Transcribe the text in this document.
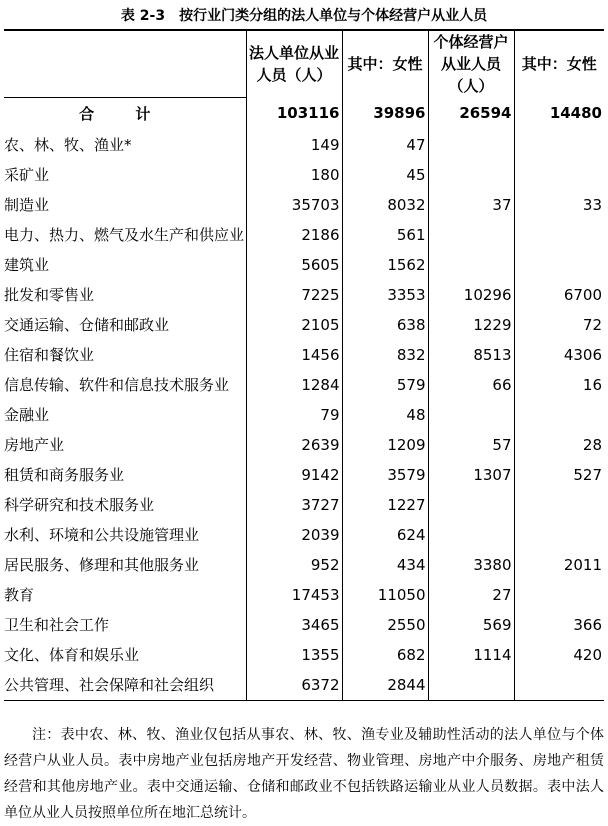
表 2-3　按行业门类分组的法人单位与个体经营户从业人员
	法人单位从业人员（人）	其中：女性	个体经营户从业人员（人）	其中：女性

合 计	103116	39896	26594	14480
农、林、牧、渔业*	149	47		
采矿业	180	45		
制造业	35703	8032	37	33
电力、热力、燃气及水生产和供应业	2186	561		
建筑业	5605	1562		
批发和零售业	7225	3353	10296	6700
交通运输、仓储和邮政业	2105	638	1229	72
住宿和餐饮业	1456	832	8513	4306
信息传输、软件和信息技术服务业	1284	579	66	16
金融业	79	48		
房地产业	2639	1209	57	28
租赁和商务服务业	9142	3579	1307	527
科学研究和技术服务业	3727	1227		
水利、环境和公共设施管理业	2039	624		
居民服务、修理和其他服务业	952	434	3380	2011
教育	17453	11050	27	
卫生和社会工作	3465	2550	569	366
文化、体育和娱乐业	1355	682	1114	420
公共管理、社会保障和社会组织	6372	2844		
注：表中农、林、牧、渔业仅包括从事农、林、牧、渔专业及辅助性活动的法人单位与个体经营户从业人员。表中房地产业包括房地产开发经营、物业管理、房地产中介服务、房地产租赁经营和其他房地产业。表中交通运输、仓储和邮政业不包括铁路运输业从业人员数据。表中法人单位从业人员按照单位所在地汇总统计。
